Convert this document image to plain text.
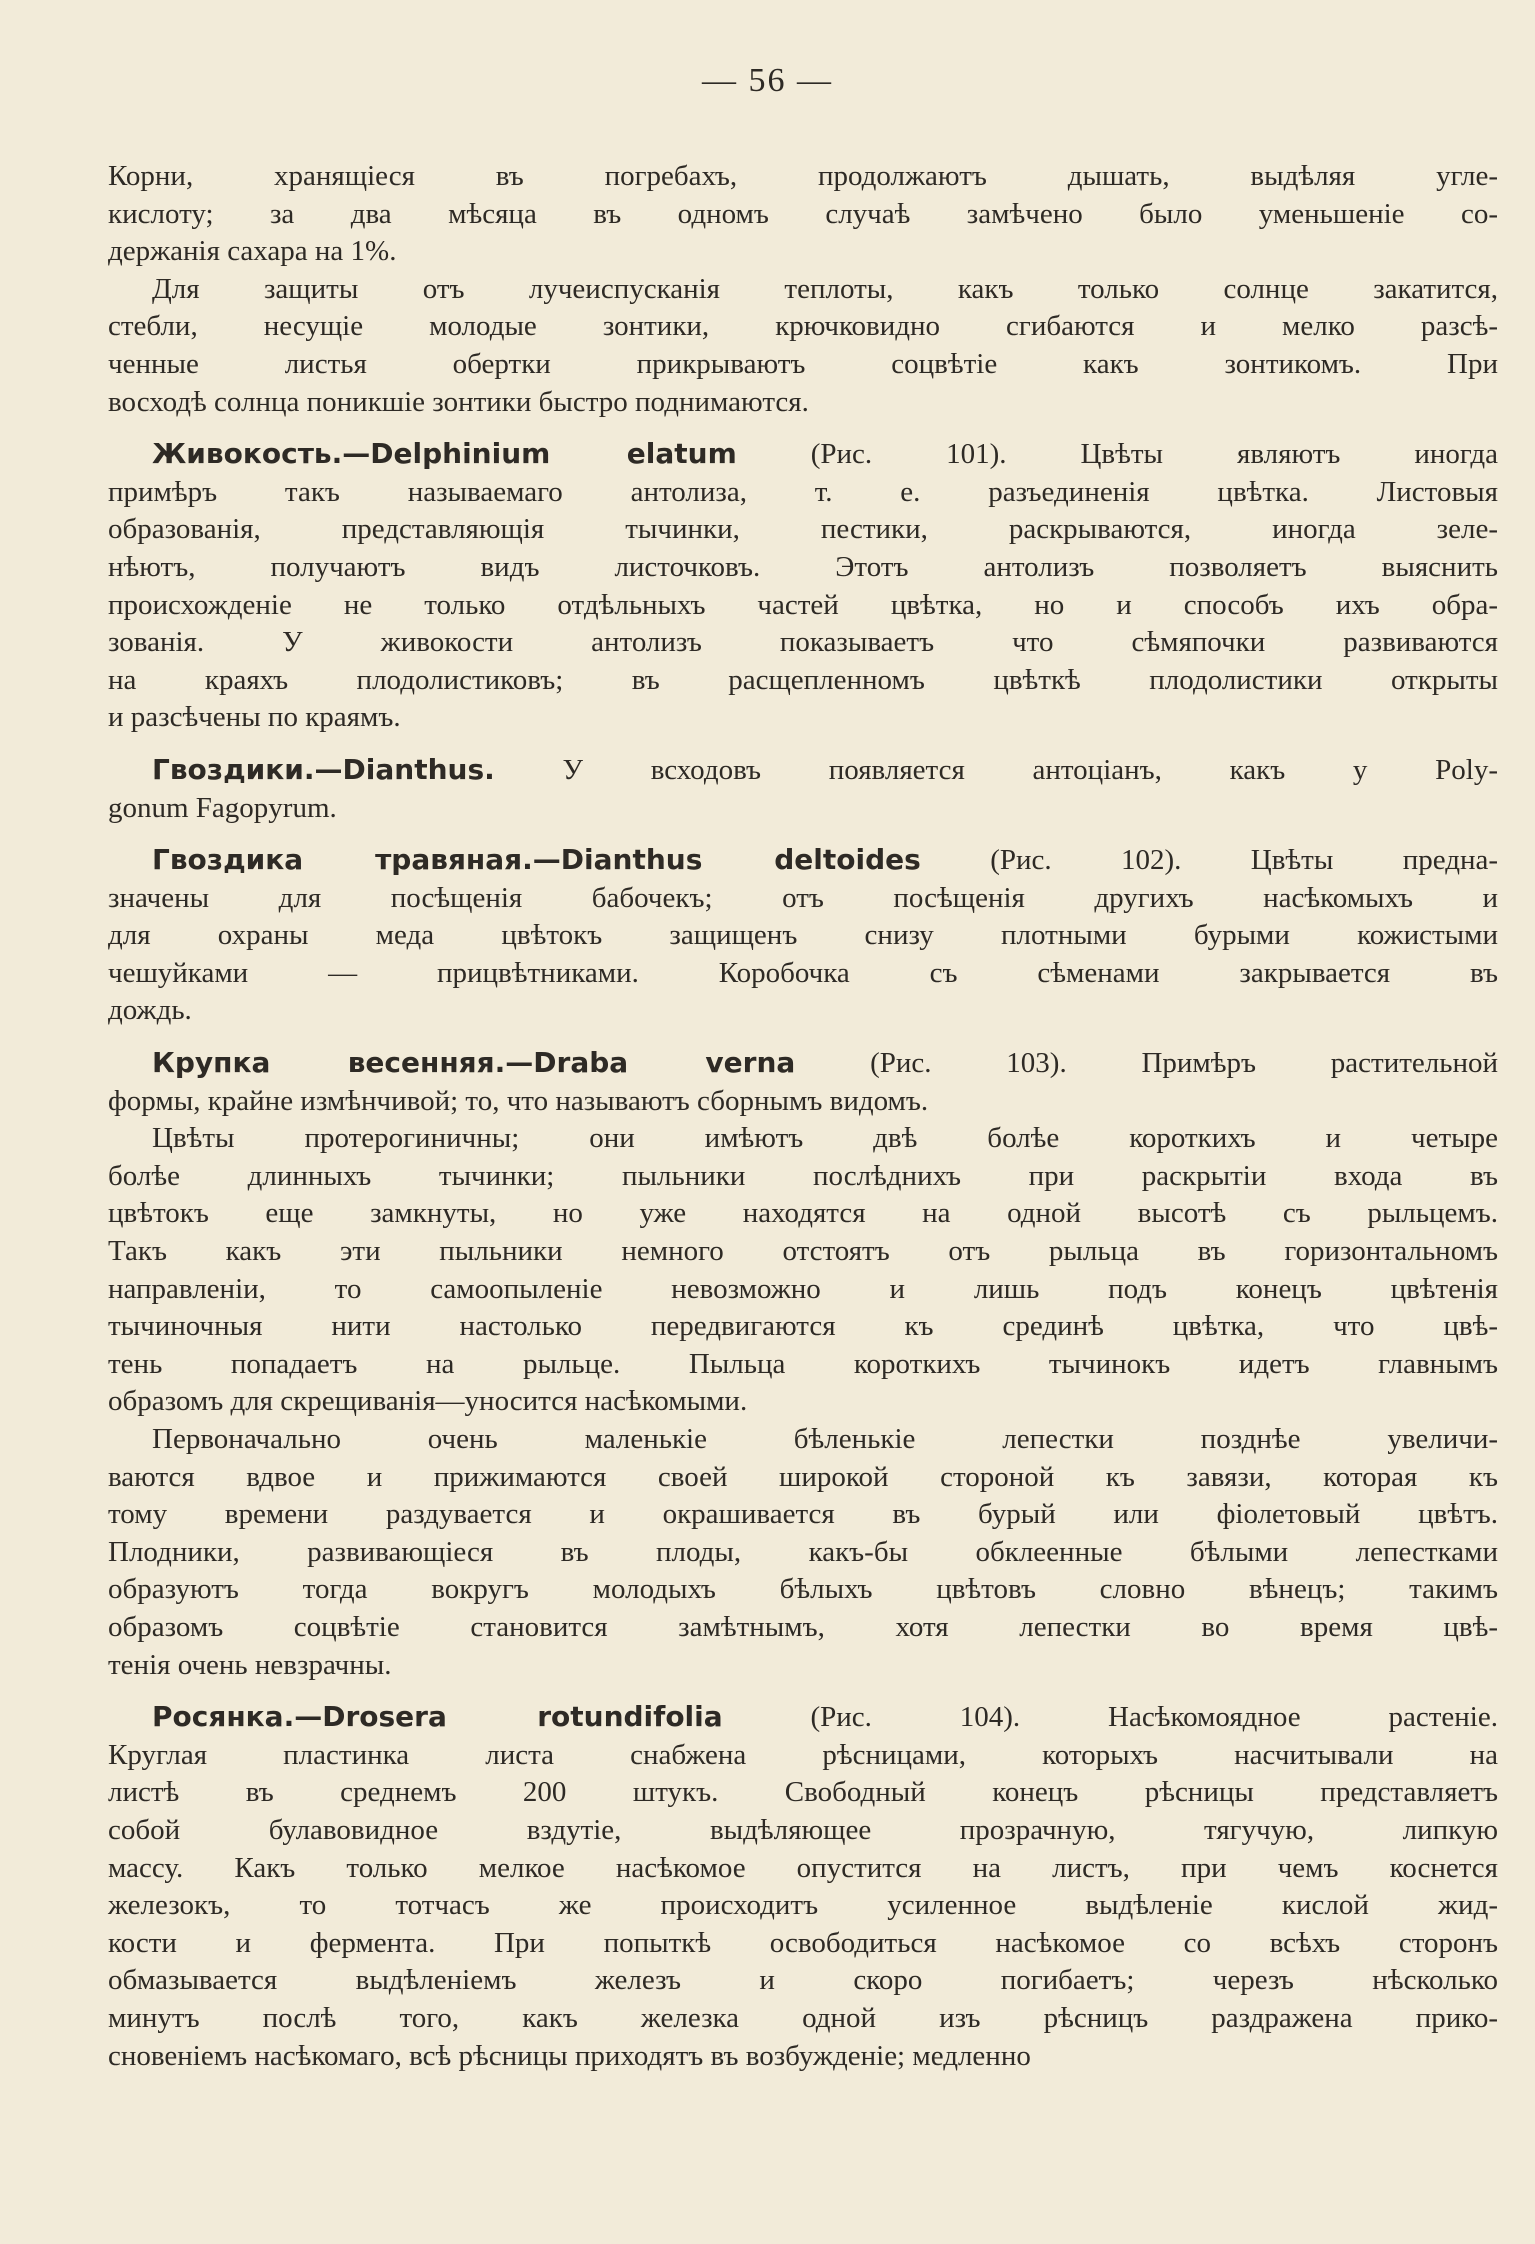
— 56 —
Корни, хранящіеся въ погребахъ, продолжаютъ дышать, выдѣляя угле-
кислоту; за два мѣсяца въ одномъ случаѣ замѣчено было уменьшеніе со-
держанія сахара на 1%.
Для защиты отъ лучеиспусканія теплоты, какъ только солнце закатится,
стебли, несущіе молодые зонтики, крючковидно сгибаются и мелко разсѣ-
ченные листья обертки прикрываютъ соцвѣтіе какъ зонтикомъ. При
восходѣ солнца поникшіе зонтики быстро поднимаются.
Живокость.—Delphinium elatum (Рис. 101). Цвѣты являютъ иногда
примѣръ такъ называемаго антолиза, т. е. разъединенія цвѣтка. Листовыя
образованія, представляющія тычинки, пестики, раскрываются, иногда зеле-
нѣютъ, получаютъ видъ листочковъ. Этотъ антолизъ позволяетъ выяснить
происхожденіе не только отдѣльныхъ частей цвѣтка, но и способъ ихъ обра-
зованія. У живокости антолизъ показываетъ что сѣмяпочки развиваются
на краяхъ плодолистиковъ; въ расщепленномъ цвѣткѣ плодолистики открыты
и разсѣчены по краямъ.
Гвоздики.—Dianthus. У всходовъ появляется антоціанъ, какъ у Poly-
gonum Fagopyrum.
Гвоздика травяная.—Dianthus deltoides (Рис. 102). Цвѣты предна-
значены для посѣщенія бабочекъ; отъ посѣщенія другихъ насѣкомыхъ и
для охраны меда цвѣтокъ защищенъ снизу плотными бурыми кожистыми
чешуйками — прицвѣтниками. Коробочка съ сѣменами закрывается въ
дождь.
Крупка весенняя.—Draba verna (Рис. 103). Примѣръ растительной
формы, крайне измѣнчивой; то, что называютъ сборнымъ видомъ.
Цвѣты протерогиничны; они имѣютъ двѣ болѣе короткихъ и четыре
болѣе длинныхъ тычинки; пыльники послѣднихъ при раскрытіи входа въ
цвѣтокъ еще замкнуты, но уже находятся на одной высотѣ съ рыльцемъ.
Такъ какъ эти пыльники немного отстоятъ отъ рыльца въ горизонтальномъ
направленіи, то самоопыленіе невозможно и лишь подъ конецъ цвѣтенія
тычиночныя нити настолько передвигаются къ срединѣ цвѣтка, что цвѣ-
тень попадаетъ на рыльце. Пыльца короткихъ тычинокъ идетъ главнымъ
образомъ для скрещиванія—уносится насѣкомыми.
Первоначально очень маленькіе бѣленькіе лепестки позднѣе увеличи-
ваются вдвое и прижимаются своей широкой стороной къ завязи, которая къ
тому времени раздувается и окрашивается въ бурый или фіолетовый цвѣтъ.
Плодники, развивающіеся въ плоды, какъ-бы обклеенные бѣлыми лепестками
образуютъ тогда вокругъ молодыхъ бѣлыхъ цвѣтовъ словно вѣнецъ; такимъ
образомъ соцвѣтіе становится замѣтнымъ, хотя лепестки во время цвѣ-
тенія очень невзрачны.
Росянка.—Drosera rotundifolia (Рис. 104). Насѣкомоядное растеніе.
Круглая пластинка листа снабжена рѣсницами, которыхъ насчитывали на
листѣ въ среднемъ 200 штукъ. Свободный конецъ рѣсницы представляетъ
собой булавовидное вздутіе, выдѣляющее прозрачную, тягучую, липкую
массу. Какъ только мелкое насѣкомое опустится на листъ, при чемъ коснется
железокъ, то тотчасъ же происходитъ усиленное выдѣленіе кислой жид-
кости и фермента. При попыткѣ освободиться насѣкомое со всѣхъ сторонъ
обмазывается выдѣленіемъ железъ и скоро погибаетъ; черезъ нѣсколько
минутъ послѣ того, какъ железка одной изъ рѣсницъ раздражена прико-
сновеніемъ насѣкомаго, всѣ рѣсницы приходятъ въ возбужденіе; медленно
